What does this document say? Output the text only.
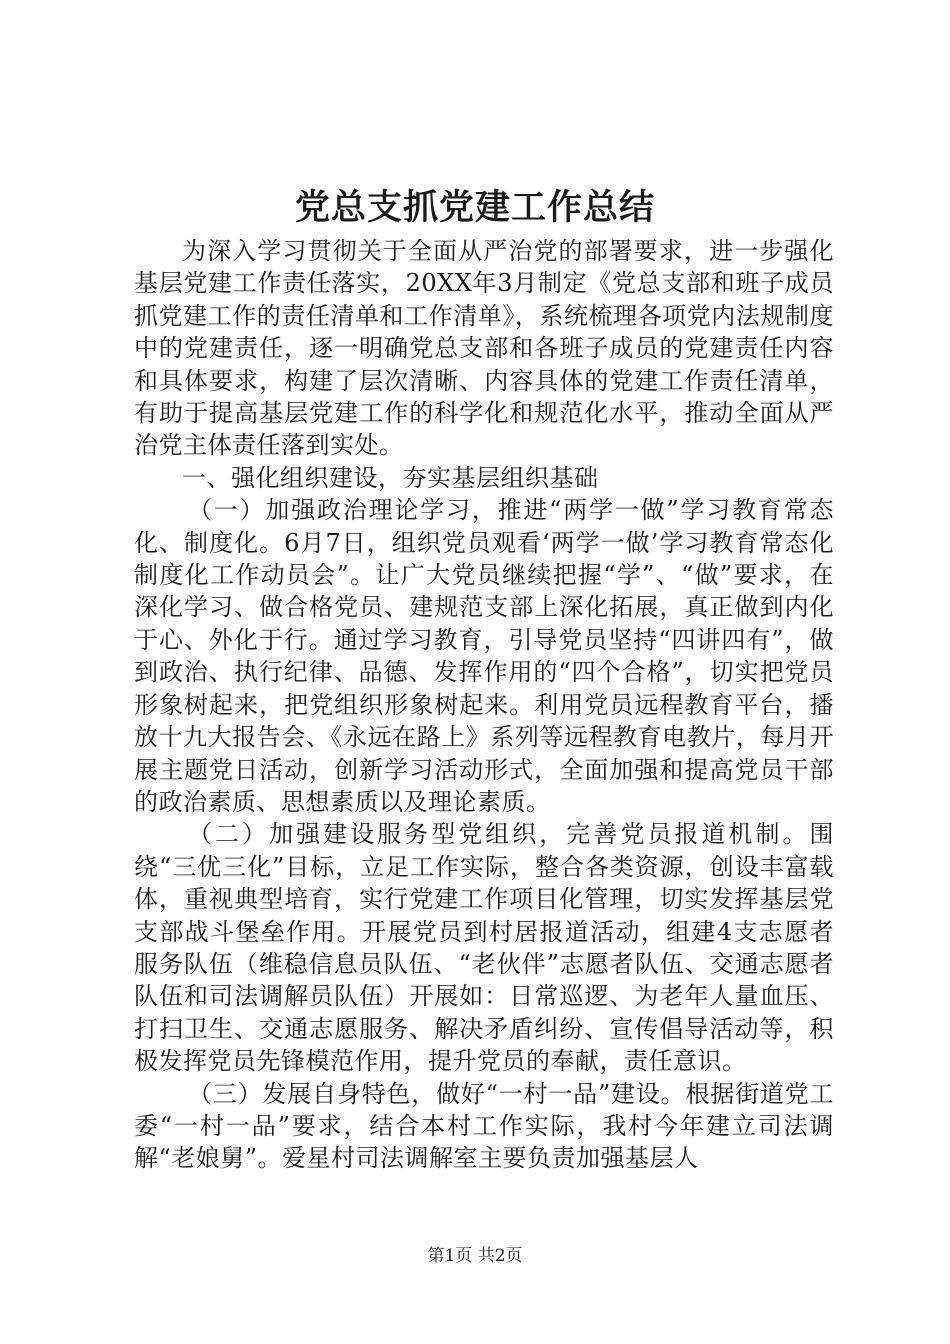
党总支抓党建工作总结

为深入学习贯彻关于全面从严治党的部署要求，进一步强化基层党建工作责任落实，20XX年3月制定《党总支部和班子成员抓党建工作的责任清单和工作清单》，系统梳理各项党内法规制度中的党建责任，逐一明确党总支部和各班子成员的党建责任内容和具体要求，构建了层次清晰、内容具体的党建工作责任清单，有助于提高基层党建工作的科学化和规范化水平，推动全面从严治党主体责任落到实处。

一、强化组织建设，夯实基层组织基础

（一）加强政治理论学习，推进“两学一做”学习教育常态化、制度化。6月7日，组织党员观看‘两学一做’学习教育常态化制度化工作动员会”。让广大党员继续把握“学”、“做”要求，在深化学习、做合格党员、建规范支部上深化拓展，真正做到内化于心、外化于行。通过学习教育，引导党员坚持“四讲四有”，做到政治、执行纪律、品德、发挥作用的“四个合格”，切实把党员形象树起来，把党组织形象树起来。利用党员远程教育平台，播放十九大报告会、《永远在路上》系列等远程教育电教片，每月开展主题党日活动，创新学习活动形式，全面加强和提高党员干部的政治素质、思想素质以及理论素质。

（二）加强建设服务型党组织，完善党员报道机制。围绕“三优三化”目标，立足工作实际，整合各类资源，创设丰富载体，重视典型培育，实行党建工作项目化管理，切实发挥基层党支部战斗堡垒作用。开展党员到村居报道活动，组建4支志愿者服务队伍（维稳信息员队伍、“老伙伴”志愿者队伍、交通志愿者队伍和司法调解员队伍）开展如：日常巡逻、为老年人量血压、打扫卫生、交通志愿服务、解决矛盾纠纷、宣传倡导活动等，积极发挥党员先锋模范作用，提升党员的奉献，责任意识。

（三）发展自身特色，做好“一村一品”建设。根据街道党工委“一村一品”要求，结合本村工作实际，我村今年建立司法调解“老娘舅”。爱星村司法调解室主要负责加强基层人

第1页 共2页
